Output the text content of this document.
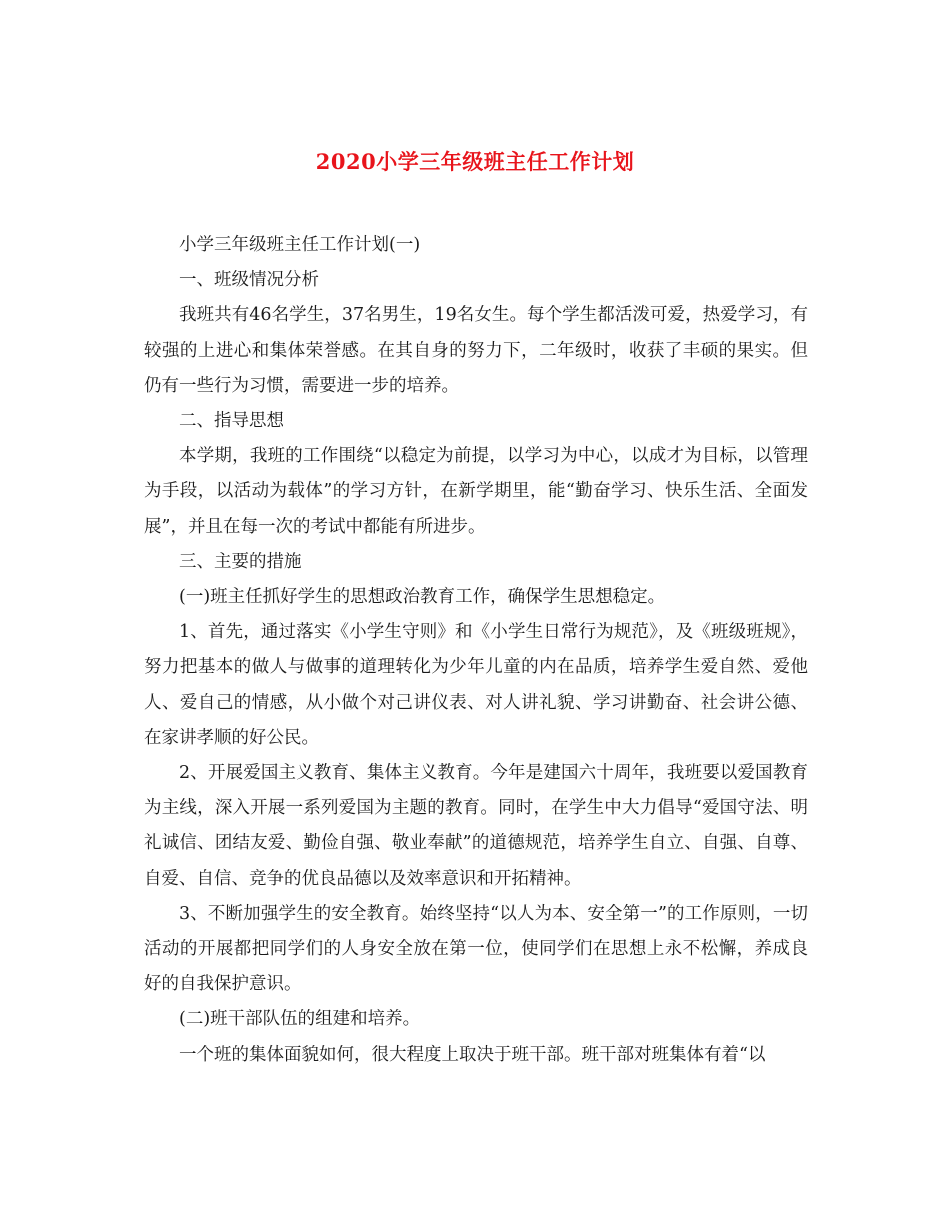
2020小学三年级班主任工作计划

小学三年级班主任工作计划(一)

一、班级情况分析

我班共有46名学生，37名男生，19名女生。每个学生都活泼可爱，热爱学习，有较强的上进心和集体荣誉感。在其自身的努力下，二年级时，收获了丰硕的果实。但仍有一些行为习惯，需要进一步的培养。

二、指导思想

本学期，我班的工作围绕“以稳定为前提，以学习为中心，以成才为目标，以管理为手段，以活动为载体”的学习方针，在新学期里，能“勤奋学习、快乐生活、全面发展”，并且在每一次的考试中都能有所进步。

三、主要的措施

(一)班主任抓好学生的思想政治教育工作，确保学生思想稳定。

1、首先，通过落实《小学生守则》和《小学生日常行为规范》，及《班级班规》，努力把基本的做人与做事的道理转化为少年儿童的内在品质，培养学生爱自然、爱他人、爱自己的情感，从小做个对己讲仪表、对人讲礼貌、学习讲勤奋、社会讲公德、在家讲孝顺的好公民。

2、开展爱国主义教育、集体主义教育。今年是建国六十周年，我班要以爱国教育为主线，深入开展一系列爱国为主题的教育。同时，在学生中大力倡导“爱国守法、明礼诚信、团结友爱、勤俭自强、敬业奉献”的道德规范，培养学生自立、自强、自尊、自爱、自信、竞争的优良品德以及效率意识和开拓精神。

3、不断加强学生的安全教育。始终坚持“以人为本、安全第一”的工作原则，一切活动的开展都把同学们的人身安全放在第一位，使同学们在思想上永不松懈，养成良好的自我保护意识。

(二)班干部队伍的组建和培养。

一个班的集体面貌如何，很大程度上取决于班干部。班干部对班集体有着“以
